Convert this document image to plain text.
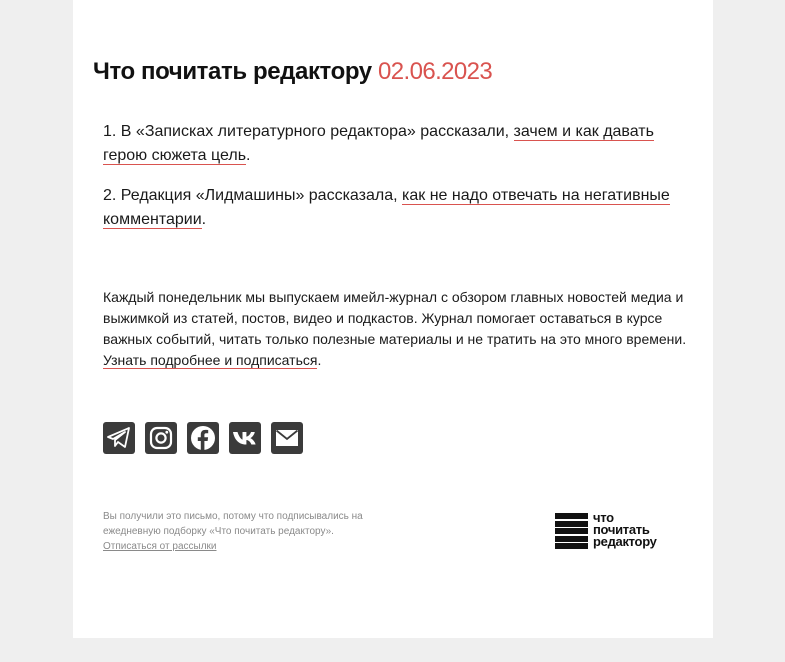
Что почитать редактору 02.06.2023

1. В «Записках литературного редактора» рассказали, зачем и как давать герою сюжета цель.

2. Редакция «Лидмашины» рассказала, как не надо отвечать на негативные комментарии.

Каждый понедельник мы выпускаем имейл-журнал с обзором главных новостей медиа и выжимкой из статей, постов, видео и подкастов. Журнал помогает оставаться в курсе важных событий, читать только полезные материалы и не тратить на это много времени. Узнать подробнее и подписаться.

Вы получили это письмо, потому что подписывались на ежедневную подборку «Что почитать редактору».
Отписаться от рассылки
что
почитать
редактору
